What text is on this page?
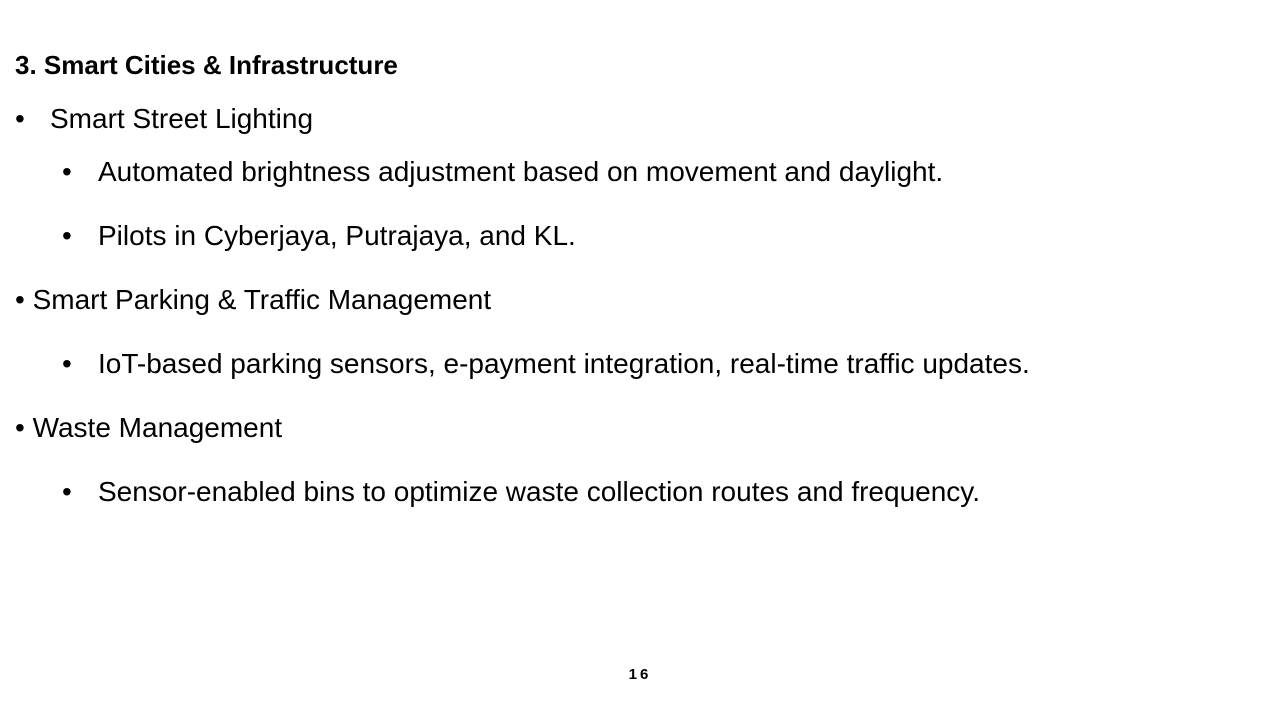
3. Smart Cities & Infrastructure
• Smart Street Lighting
• Automated brightness adjustment based on movement and daylight.
• Pilots in Cyberjaya, Putrajaya, and KL.
• Smart Parking & Traffic Management
• IoT-based parking sensors, e-payment integration, real-time traffic updates.
• Waste Management
• Sensor-enabled bins to optimize waste collection routes and frequency.
16
